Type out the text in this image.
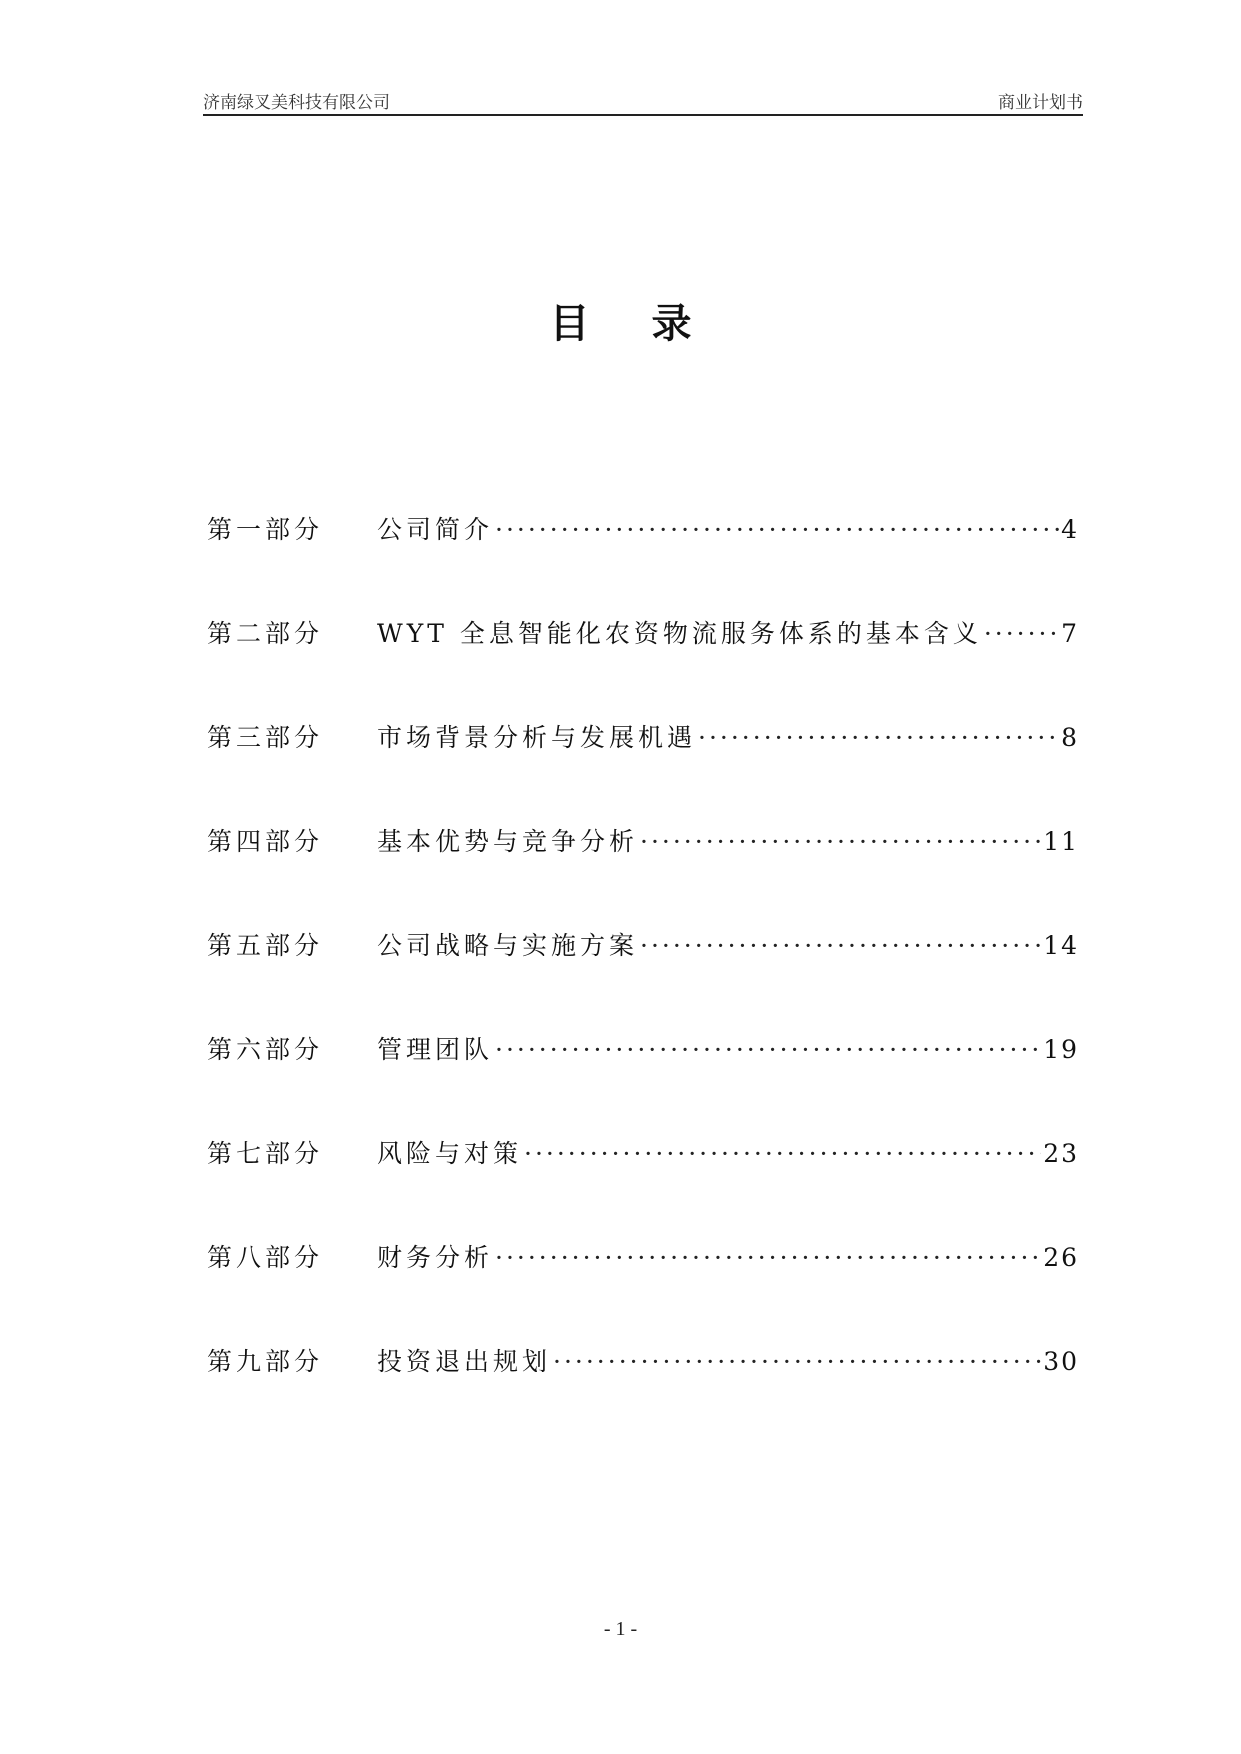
济南绿叉美科技有限公司	商业计划书
目录
第一部分	公司简介 ·····	4
第二部分	WYT 全息智能化农资物流服务体系的基本含义 ·····	7
第三部分	市场背景分析与发展机遇 ·····	8
第四部分	基本优势与竞争分析 ·····	11
第五部分	公司战略与实施方案 ·····	14
第六部分	管理团队 ·····	19
第七部分	风险与对策 ·····	23
第八部分	财务分析 ·····	26
第九部分	投资退出规划 ·····	30
- 1 -
